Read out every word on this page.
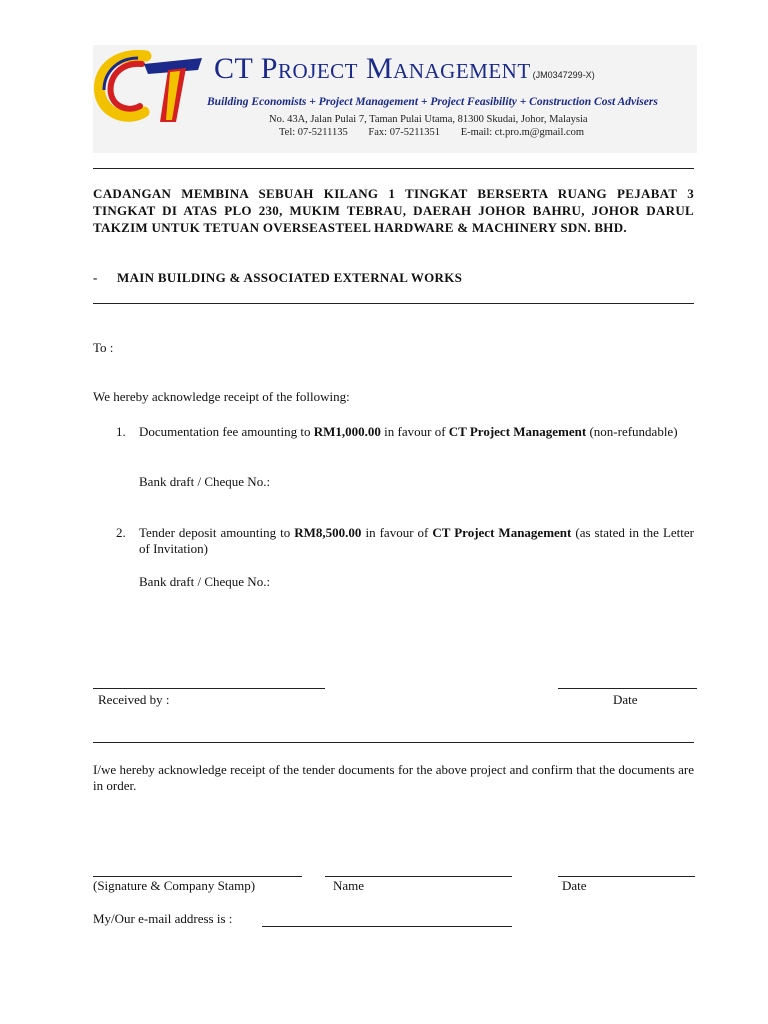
CT Project Management (JM0347299-X)
Building Economists + Project Management + Project Feasibility + Construction Cost Advisers
No. 43A, Jalan Pulai 7, Taman Pulai Utama, 81300 Skudai, Johor, Malaysia
Tel: 07-5211135 Fax: 07-5211351 E-mail: ct.pro.m@gmail.com
CADANGAN MEMBINA SEBUAH KILANG 1 TINGKAT BERSERTA RUANG PEJABAT 3 TINGKAT DI ATAS PLO 230, MUKIM TEBRAU, DAERAH JOHOR BAHRU, JOHOR DARUL TAKZIM UNTUK TETUAN OVERSEASTEEL HARDWARE & MACHINERY SDN. BHD.
- MAIN BUILDING & ASSOCIATED EXTERNAL WORKS
To :
We hereby acknowledge receipt of the following:
1. Documentation fee amounting to RM1,000.00 in favour of CT Project Management (non-refundable)
Bank draft / Cheque No.:
2. Tender deposit amounting to RM8,500.00 in favour of CT Project Management (as stated in the Letter of Invitation)
Bank draft / Cheque No.:
Received by :	Date
I/we hereby acknowledge receipt of the tender documents for the above project and confirm that the documents are in order.
(Signature & Company Stamp)	Name	Date
My/Our e-mail address is :
